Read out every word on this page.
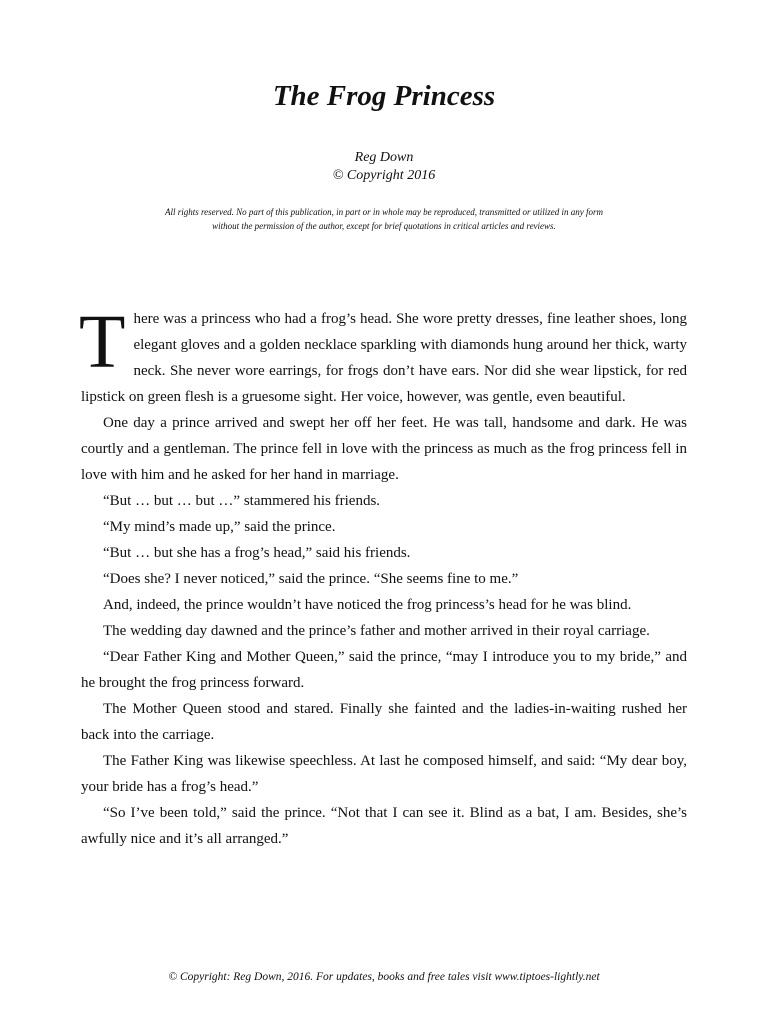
The Frog Princess
Reg Down
© Copyright 2016
All rights reserved. No part of this publication, in part or in whole may be reproduced, transmitted or utilized in any form
without the permission of the author, except for brief quotations in critical articles and reviews.

There was a princess who had a frog’s head. She wore pretty dresses, fine leather shoes, long elegant gloves and a golden necklace sparkling with diamonds hung around her thick, warty neck. She never wore earrings, for frogs don’t have ears. Nor did she wear lipstick, for red lipstick on green flesh is a gruesome sight. Her voice, however, was gentle, even beautiful.

One day a prince arrived and swept her off her feet. He was tall, handsome and dark. He was courtly and a gentleman. The prince fell in love with the princess as much as the frog princess fell in love with him and he asked for her hand in marriage.

“But … but … but …” stammered his friends.

“My mind’s made up,” said the prince.

“But … but she has a frog’s head,” said his friends.

“Does she? I never noticed,” said the prince. “She seems fine to me.”

And, indeed, the prince wouldn’t have noticed the frog princess’s head for he was blind.

The wedding day dawned and the prince’s father and mother arrived in their royal carriage.

“Dear Father King and Mother Queen,” said the prince, “may I introduce you to my bride,” and he brought the frog princess forward.

The Mother Queen stood and stared. Finally she fainted and the ladies-in-waiting rushed her back into the carriage.

The Father King was likewise speechless. At last he composed himself, and said: “My dear boy, your bride has a frog’s head.”

“So I’ve been told,” said the prince. “Not that I can see it. Blind as a bat, I am. Besides, she’s awfully nice and it’s all arranged.”

© Copyright: Reg Down, 2016. For updates, books and free tales visit www.tiptoes-lightly.net
